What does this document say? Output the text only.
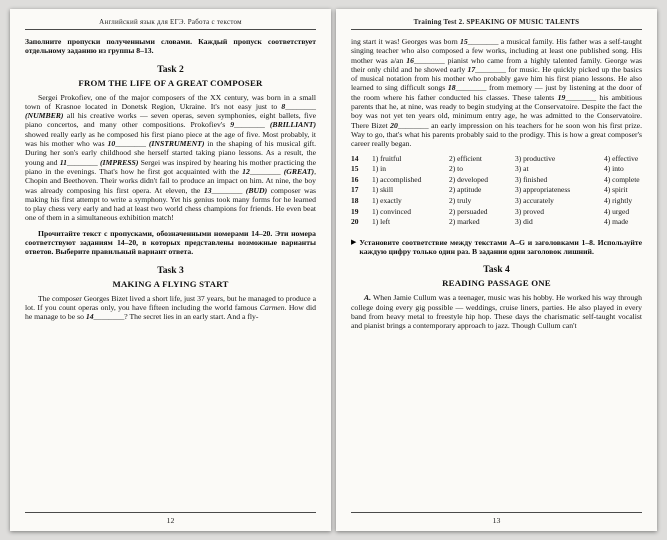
Английский язык для ЕГЭ. Работа с текстом

Заполните пропуски полученными словами. Каждый пропуск соответствует отдельному заданию из группы 8–13.

Task 2
FROM THE LIFE OF A GREAT COMPOSER

Sergei Prokofiev, one of the major composers of the XX century, was born in a small town of Krasnoe located in Donetsk Region, Ukraine. It's not easy just to 8________ (NUMBER) all his creative works — seven operas, seven symphonies, eight ballets, five piano concertos, and many other compositions. Prokofiev's 9________ (BRILLIANT) showed really early as he composed his first piano piece at the age of five. Most probably, it was his mother who was 10________ (INSTRUMENT) in the shaping of his musical gift. During her son's early childhood she herself started taking piano lessons. As a result, the young and 11________ (IMPRESS) Sergei was inspired by hearing his mother practicing the piano in the evenings. That's how he first got acquainted with the 12________ (GREAT), Chopin and Beethoven. Their works didn't fail to produce an impact on him. At nine, the boy was already composing his first opera. At eleven, the 13________ (BUD) composer was making his first attempt to write a symphony. Yet his genius took many forms for he learned to play chess very early and had at least two world chess champions for friends. He even beat one of them in a simultaneous exhibition match!

Прочитайте текст с пропусками, обозначенными номерами 14–20. Эти номера соответствуют заданиям 14–20, в которых представлены возможные варианты ответов. Выберите правильный вариант ответа.

Task 3
MAKING A FLYING START

The composer Georges Bizet lived a short life, just 37 years, but he managed to produce a lot. If you count operas only, you have fifteen including the world famous Carmen. How did he manage to be so 14________? The secret lies in an early start. And a fly-

12
Training Test 2. SPEAKING OF MUSIC TALENTS

ing start it was! Georges was born 15________ a musical family. His father was a self-taught singing teacher who also composed a few works, including at least one published song. His mother was a/an 16________ pianist who came from a highly talented family. George was their only child and he showed early 17________ for music. He quickly picked up the basics of musical notation from his mother who probably gave him his first piano lessons. He also learned to sing difficult songs 18________ from memory — just by listening at the door of the room where his father conducted his classes. These talents 19________ his ambitious parents that he, at nine, was ready to begin studying at the Conservatoire. Despite the fact the boy was not yet ten years old, minimum entry age, he was admitted to the Conservatoire. There Bizet 20________ an early impression on his teachers for he soon won his first prize. Way to go, that's what his parents probably said to the prodigy. This is how a great composer's career really began.

14	1) fruitful	2) efficient	3) productive	4) effective
15	1) in	2) to	3) at	4) into
16	1) accomplished	2) developed	3) finished	4) complete
17	1) skill	2) aptitude	3) appropriateness	4) spirit
18	1) exactly	2) truly	3) accurately	4) rightly
19	1) convinced	2) persuaded	3) proved	4) urged
20	1) left	2) marked	3) did	4) made
▶ Установите соответствие между текстами A–G и заголовками 1–8. Используйте каждую цифру только один раз. В задании один заголовок лишний.

Task 4
READING PASSAGE ONE

A. When Jamie Cullum was a teenager, music was his hobby. He worked his way through college doing every gig possible — weddings, cruise liners, parties. He also played in every band from heavy metal to freestyle hip hop. These days the charismatic self-taught vocalist and pianist brings a contemporary approach to jazz. Though Cullum can't

13
